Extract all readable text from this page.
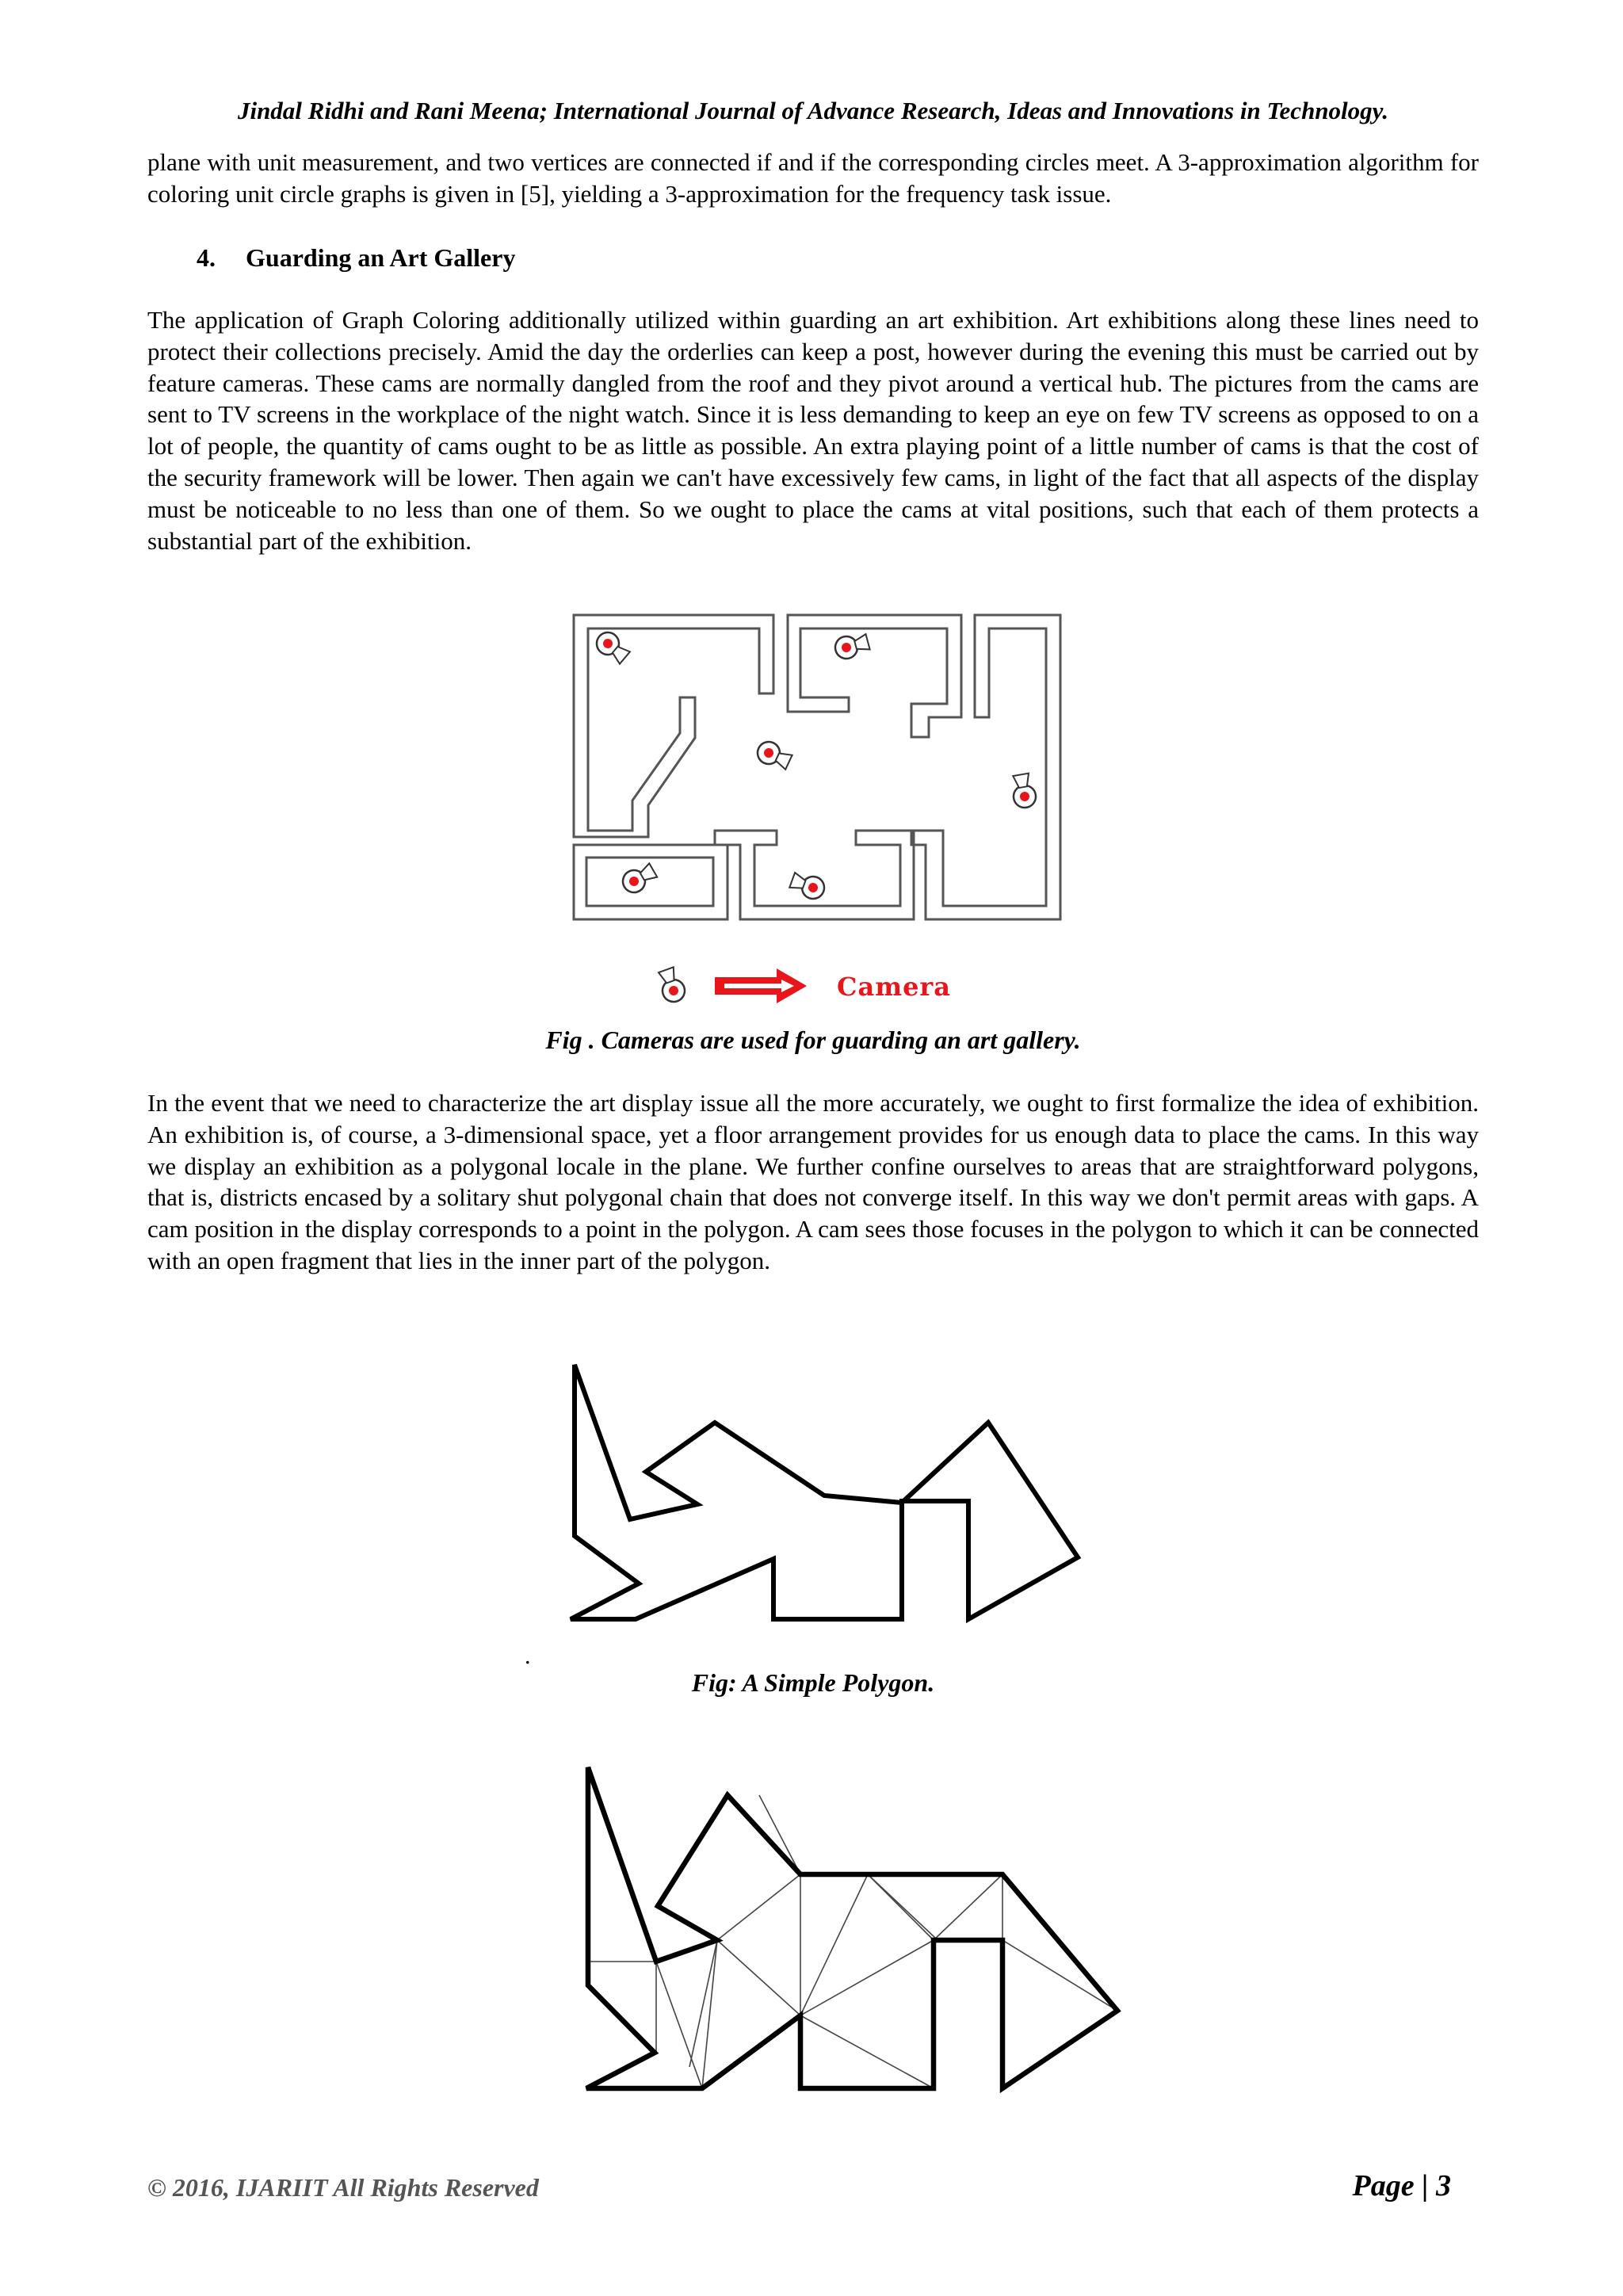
Jindal Ridhi and Rani Meena; International Journal of Advance Research, Ideas and Innovations in Technology.
plane with unit measurement, and two vertices are connected if and if the corresponding circles meet. A 3-approximation algorithm for coloring unit circle graphs is given in [5], yielding a 3-approximation for the frequency task issue.
4. Guarding an Art Gallery
The application of Graph Coloring additionally utilized within guarding an art exhibition. Art exhibitions along these lines need to protect their collections precisely. Amid the day the orderlies can keep a post, however during the evening this must be carried out by feature cameras. These cams are normally dangled from the roof and they pivot around a vertical hub. The pictures from the cams are sent to TV screens in the workplace of the night watch. Since it is less demanding to keep an eye on few TV screens as opposed to on a lot of people, the quantity of cams ought to be as little as possible. An extra playing point of a little number of cams is that the cost of the security framework will be lower. Then again we can't have excessively few cams, in light of the fact that all aspects of the display must be noticeable to no less than one of them. So we ought to place the cams at vital positions, such that each of them protects a substantial part of the exhibition.
Camera
Fig . Cameras are used for guarding an art gallery.
In the event that we need to characterize the art display issue all the more accurately, we ought to first formalize the idea of exhibition. An exhibition is, of course, a 3-dimensional space, yet a floor arrangement provides for us enough data to place the cams. In this way we display an exhibition as a polygonal locale in the plane. We further confine ourselves to areas that are straightforward polygons, that is, districts encased by a solitary shut polygonal chain that does not converge itself. In this way we don't permit areas with gaps. A cam position in the display corresponds to a point in the polygon. A cam sees those focuses in the polygon to which it can be connected with an open fragment that lies in the inner part of the polygon.
.
Fig: A Simple Polygon.
© 2016, IJARIIT All Rights Reserved	Page | 3
